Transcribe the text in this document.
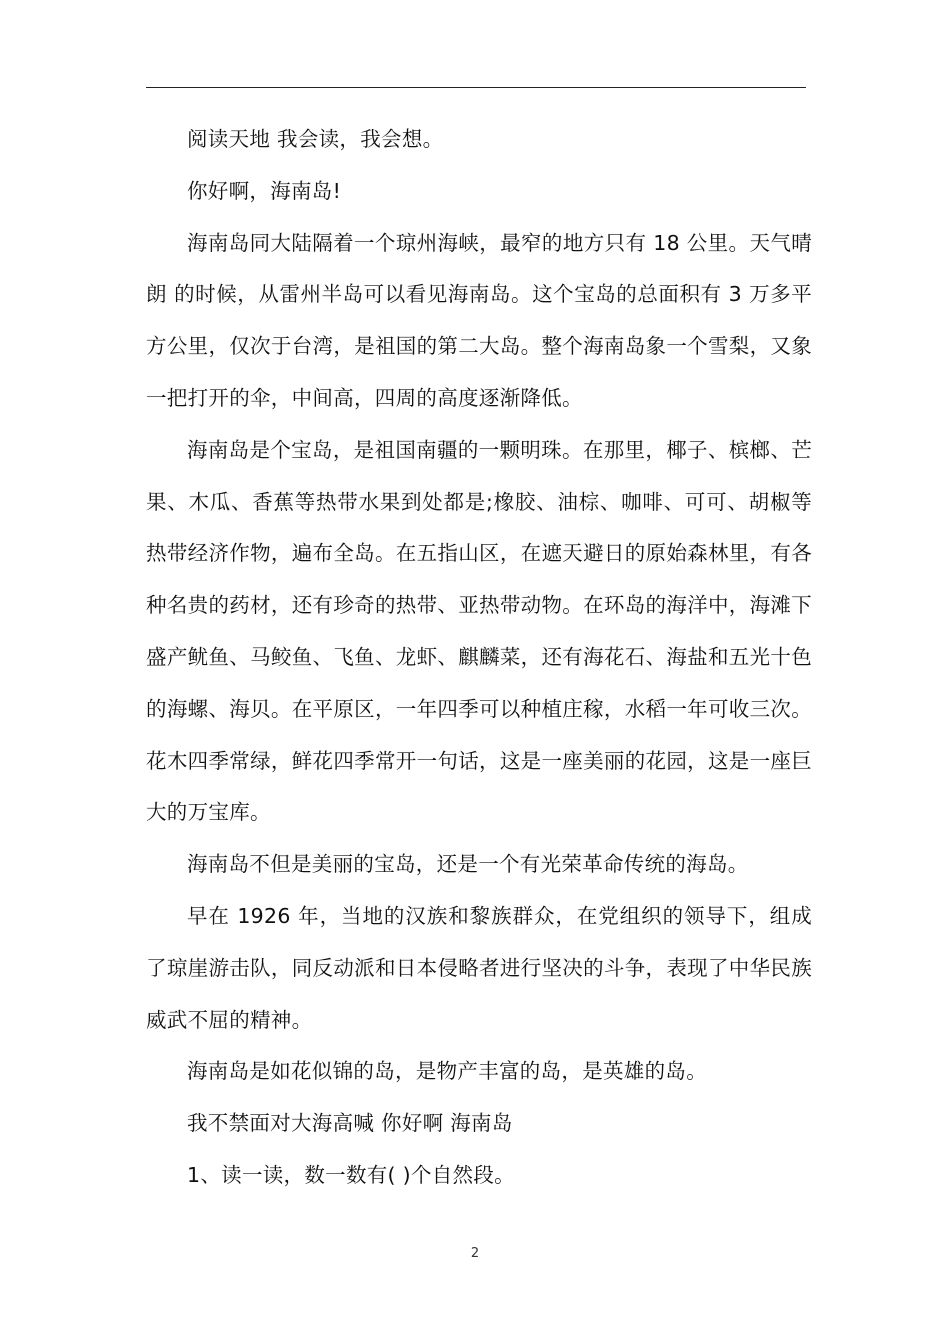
阅读天地 我会读，我会想。

你好啊，海南岛!

海南岛同大陆隔着一个琼州海峡，最窄的地方只有 18 公里。天气晴朗 的时候，从雷州半岛可以看见海南岛。这个宝岛的总面积有 3 万多平方公里，仅次于台湾，是祖国的第二大岛。整个海南岛象一个雪梨，又象一把打开的伞，中间高，四周的高度逐渐降低。

海南岛是个宝岛，是祖国南疆的一颗明珠。在那里，椰子、槟榔、芒果、木瓜、香蕉等热带水果到处都是;橡胶、油棕、咖啡、可可、胡椒等热带经济作物，遍布全岛。在五指山区，在遮天避日的原始森林里，有各种名贵的药材，还有珍奇的热带、亚热带动物。在环岛的海洋中，海滩下盛产鱿鱼、马鲛鱼、飞鱼、龙虾、麒麟菜，还有海花石、海盐和五光十色的海螺、海贝。在平原区，一年四季可以种植庄稼，水稻一年可收三次。花木四季常绿，鲜花四季常开一句话，这是一座美丽的花园，这是一座巨大的万宝库。

海南岛不但是美丽的宝岛，还是一个有光荣革命传统的海岛。

早在 1926 年，当地的汉族和黎族群众，在党组织的领导下，组成了琼崖游击队，同反动派和日本侵略者进行坚决的斗争，表现了中华民族威武不屈的精神。

海南岛是如花似锦的岛，是物产丰富的岛，是英雄的岛。

我不禁面对大海高喊 你好啊 海南岛

1、读一读，数一数有( )个自然段。

2
